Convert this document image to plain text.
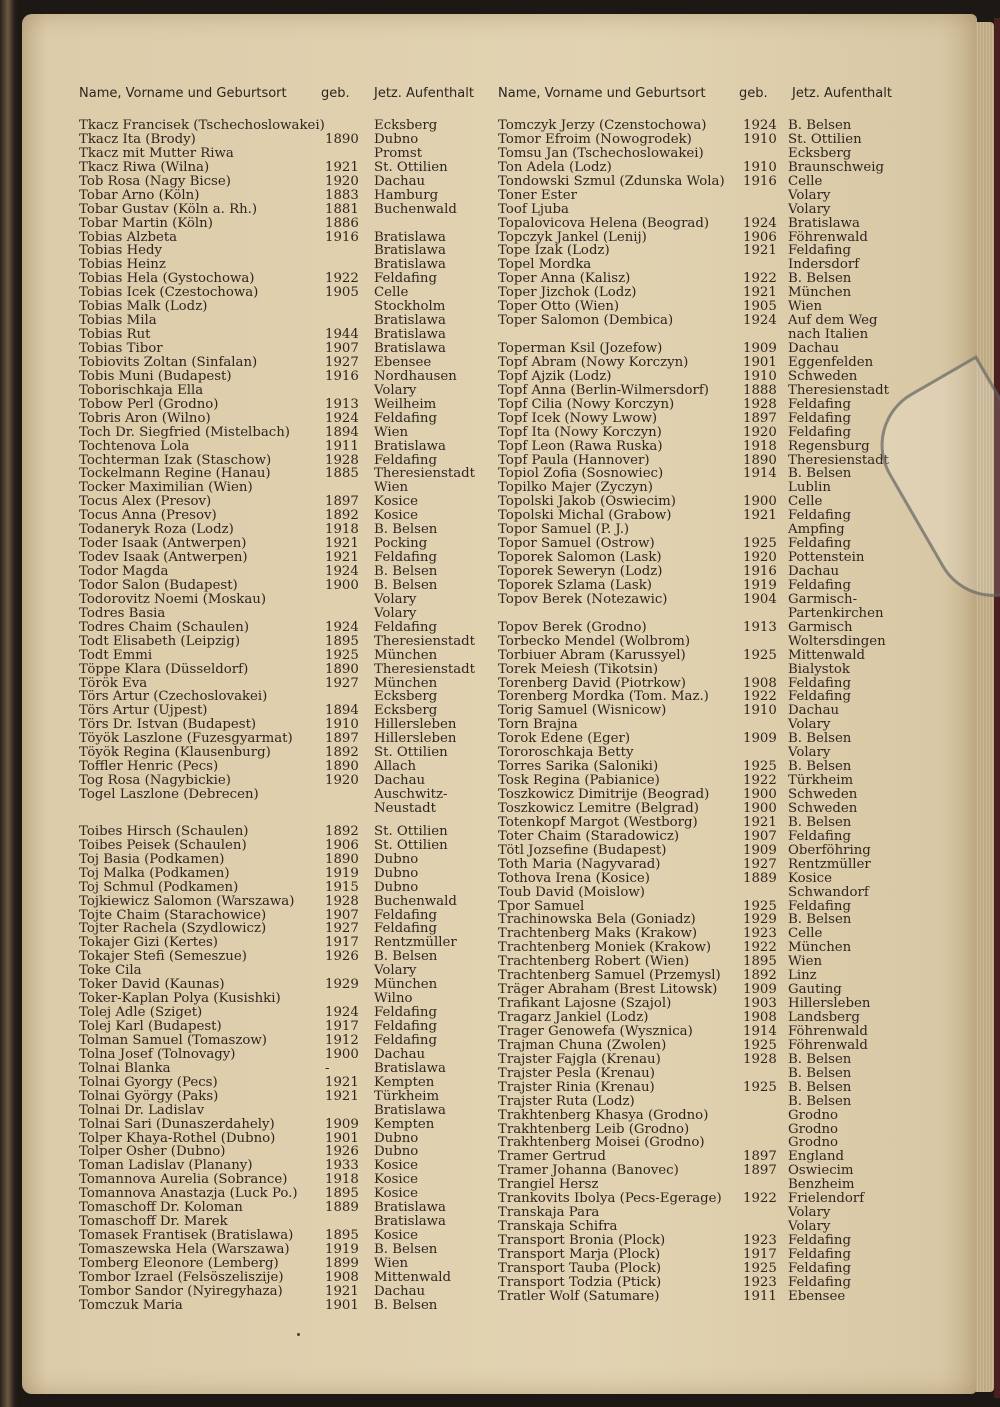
Name, Vorname und Geburtsort	geb. Jetz. Aufenthalt
Tkacz Francisek (Tschechoslowakei)	Ecksberg
Tkacz Ita (Brody)	1890 Dubno
Tkacz mit Mutter Riwa	Promst
Tkacz Riwa (Wilna)	1921 St. Ottilien
Tob Rosa (Nagy Bicse)	1920 Dachau
Tobar Arno (Köln)	1883 Hamburg
Tobar Gustav (Köln a. Rh.)	1881 Buchenwald
Tobar Martin (Köln)	1886
Tobias Alzbeta	1916 Bratislawa
Tobias Hedy	Bratislawa
Tobias Heinz	Bratislawa
Tobias Hela (Gystochowa)	1922 Feldafing
Tobias Icek (Czestochowa)	1905 Celle
Tobias Malk (Lodz)	Stockholm
Tobias Mila	Bratislawa
Tobias Rut	1944 Bratislawa
Tobias Tibor	1907 Bratislawa
Tobiovits Zoltan (Sinfalan)	1927 Ebensee
Tobis Muni (Budapest)	1916 Nordhausen
Toborischkaja Ella	Volary
Tobow Perl (Grodno)	1913 Weilheim
Tobris Aron (Wilno)	1924 Feldafing
Toch Dr. Siegfried (Mistelbach)	1894 Wien
Tochtenova Lola	1911 Bratislawa
Tochterman Izak (Staschow)	1928 Feldafing
Tockelmann Regine (Hanau)	1885 Theresienstadt
Tocker Maximilian (Wien)	Wien
Tocus Alex (Presov)	1897 Kosice
Tocus Anna (Presov)	1892 Kosice
Todaneryk Roza (Lodz)	1918 B. Belsen
Toder Isaak (Antwerpen)	1921 Pocking
Todev Isaak (Antwerpen)	1921 Feldafing
Todor Magda	1924 B. Belsen
Todor Salon (Budapest)	1900 B. Belsen
Todorovitz Noemi (Moskau)	Volary
Todres Basia	Volary
Todres Chaim (Schaulen)	1924 Feldafing
Todt Elisabeth (Leipzig)	1895 Theresienstadt
Todt Emmi	1925 München
Töppe Klara (Düsseldorf)	1890 Theresienstadt
Török Eva	1927 München
Törs Artur (Czechoslovakei)	Ecksberg
Törs Artur (Ujpest)	1894 Ecksberg
Törs Dr. Istvan (Budapest)	1910 Hillersleben
Töyök Laszlone (Fuzesgyarmat) 1897 Hillersleben
Töyök Regina (Klausenburg)	1892 St. Ottilien
Toffler Henric (Pecs)	1890 Allach
Tog Rosa (Nagybickie)	1920 Dachau
Togel Laszlone (Debrecen)	Auschwitz-
Neustadt
Toibes Hirsch (Schaulen)	1892 St. Ottilien
Toibes Peisek (Schaulen)	1906 St. Ottilien
Toj Basia (Podkamen)	1890 Dubno
Toj Malka (Podkamen)	1919 Dubno
Toj Schmul (Podkamen)	1915 Dubno
Tojkiewicz Salomon (Warszawa) 1928 Buchenwald
Tojte Chaim (Starachowice)	1907 Feldafing
Tojter Rachela (Szydlowicz)	1927 Feldafing
Tokajer Gizi (Kertes)	1917 Rentzmüller
Tokajer Stefi (Semeszue)	1926 B. Belsen
Toke Cila	Volary
Toker David (Kaunas)	1929 München
Toker-Kaplan Polya (Kusishki)	Wilno
Tolej Adle (Sziget)	1924 Feldafing
Tolej Karl (Budapest)	1917 Feldafing
Tolman Samuel (Tomaszow)	1912 Feldafing
Tolna Josef (Tolnovagy)	1900 Dachau
Tolnai Blanka	-	Bratislawa
Tolnai Gyorgy (Pecs)	1921 Kempten
Tolnai György (Paks)	1921 Türkheim
Tolnai Dr. Ladislav	Bratislawa
Tolnai Sari (Dunaszerdahely)	1909 Kempten
Tolper Khaya-Rothel (Dubno)	1901 Dubno
Tolper Osher (Dubno)	1926 Dubno
Toman Ladislav (Planany)	1933 Kosice
Tomannova Aurelia (Sobrance)	1918 Kosice
Tomannova Anastazja (Luck Po.) 1895 Kosice
Tomaschoff Dr. Koloman	1889 Bratislawa
Tomaschoff Dr. Marek	Bratislawa
Tomasek Frantisek (Bratislawa) 1895 Kosice
Tomaszewska Hela (Warszawa)	1919 B. Belsen
Tomberg Eleonore (Lemberg)	1899 Wien
Tombor Izrael (Felsöszeliszije)	1908 Mittenwald
Tombor Sandor (Nyiregyhaza)	1921 Dachau
Tomczuk Maria	1901 B. Belsen
Name, Vorname und Geburtsort	geb. Jetz. Aufenthalt
Tomczyk Jerzy (Czenstochowa)	1924 B. Belsen
Tomor Efroim (Nowogrodek)	1910 St. Ottilien
Tomsu Jan (Tschechoslowakei)	Ecksberg
Ton Adela (Lodz)	1910 Braunschweig
Tondowski Szmul (Zdunska Wola) 1916 Celle
Toner Ester	Volary
Toof Ljuba	Volary
Topalovicova Helena (Beograd)	1924 Bratislawa
Topczyk Jankel (Lenij)	1906 Föhrenwald
Tope Izak (Lodz)	1921 Feldafing
Topel Mordka	Indersdorf
Toper Anna (Kalisz)	1922 B. Belsen
Toper Jizchok (Lodz)	1921 München
Toper Otto (Wien)	1905 Wien
Toper Salomon (Dembica)	1924 Auf dem Weg
nach Italien
Toperman Ksil (Jozefow)	1909 Dachau
Topf Abram (Nowy Korczyn)	1901 Eggenfelden
Topf Ajzik (Lodz)	1910 Schweden
Topf Anna (Berlin-Wilmersdorf)	1888 Theresienstadt
Topf Cilia (Nowy Korczyn)	1928 Feldafing
Topf Icek (Nowy Lwow)	1897 Feldafing
Topf Ita (Nowy Korczyn)	1920 Feldafing
Topf Leon (Rawa Ruska)	1918 Regensburg
Topf Paula (Hannover)	1890 Theresienstadt
Topiol Zofia (Sosnowiec)	1914 B. Belsen
Topilko Majer (Zyczyn)	Lublin
Topolski Jakob (Oswiecim)	1900 Celle
Topolski Michal (Grabow)	1921 Feldafing
Topor Samuel (P. J.)	Ampfing
Topor Samuel (Ostrow)	1925 Feldafing
Toporek Salomon (Lask)	1920 Pottenstein
Toporek Seweryn (Lodz)	1916 Dachau
Toporek Szlama (Lask)	1919 Feldafing
Topov Berek (Notezawic)	1904 Garmisch-
Partenkirchen
Topov Berek (Grodno)	1913 Garmisch
Torbecko Mendel (Wolbrom)	Woltersdingen
Torbiuer Abram (Karussyel)	1925 Mittenwald
Torek Meiesh (Tikotsin)	Bialystok
Torenberg David (Piotrkow)	1908 Feldafing
Torenberg Mordka (Tom. Maz.)	1922 Feldafing
Torig Samuel (Wisnicow)	1910 Dachau
Torn Brajna	Volary
Torok Edene (Eger)	1909 B. Belsen
Tororoschkaja Betty	Volary
Torres Sarika (Saloniki)	1925 B. Belsen
Tosk Regina (Pabianice)	1922 Türkheim
Toszkowicz Dimitrije (Beograd)	1900 Schweden
Toszkowicz Lemitre (Belgrad)	1900 Schweden
Totenkopf Margot (Westborg)	1921 B. Belsen
Toter Chaim (Staradowicz)	1907 Feldafing
Tötl Jozsefine (Budapest)	1909 Oberföhring
Toth Maria (Nagyvarad)	1927 Rentzmüller
Tothova Irena (Kosice)	1889 Kosice
Toub David (Moislow)	Schwandorf
Tpor Samuel	1925 Feldafing
Trachinowska Bela (Goniadz)	1929 B. Belsen
Trachtenberg Maks (Krakow)	1923 Celle
Trachtenberg Moniek (Krakow) 1922 München
Trachtenberg Robert (Wien)	1895 Wien
Trachtenberg Samuel (Przemysl) 1892 Linz
Träger Abraham (Brest Litowsk) 1909 Gauting
Trafikant Lajosne (Szajol)	1903 Hillersleben
Tragarz Jankiel (Lodz)	1908 Landsberg
Trager Genowefa (Wysznica)	1914 Föhrenwald
Trajman Chuna (Zwolen)	1925 Föhrenwald
Trajster Fajgla (Krenau)	1928 B. Belsen
Trajster Pesla (Krenau)	B. Belsen
Trajster Rinia (Krenau)	1925 B. Belsen
Trajster Ruta (Lodz)	B. Belsen
Trakhtenberg Khasya (Grodno)	Grodno
Trakhtenberg Leib (Grodno)	Grodno
Trakhtenberg Moisei (Grodno)	Grodno
Tramer Gertrud	1897 England
Tramer Johanna (Banovec)	1897 Oswiecim
Trangiel Hersz	Benzheim
Trankovits Ibolya (Pecs-Egerage) 1922 Frielendorf
Transkaja Para	Volary
Transkaja Schifra	Volary
Transport Bronia (Plock)	1923 Feldafing
Transport Marja (Plock)	1917 Feldafing
Transport Tauba (Plock)	1925 Feldafing
Transport Todzia (Ptick)	1923 Feldafing
Tratler Wolf (Satumare)	1911 Ebensee
